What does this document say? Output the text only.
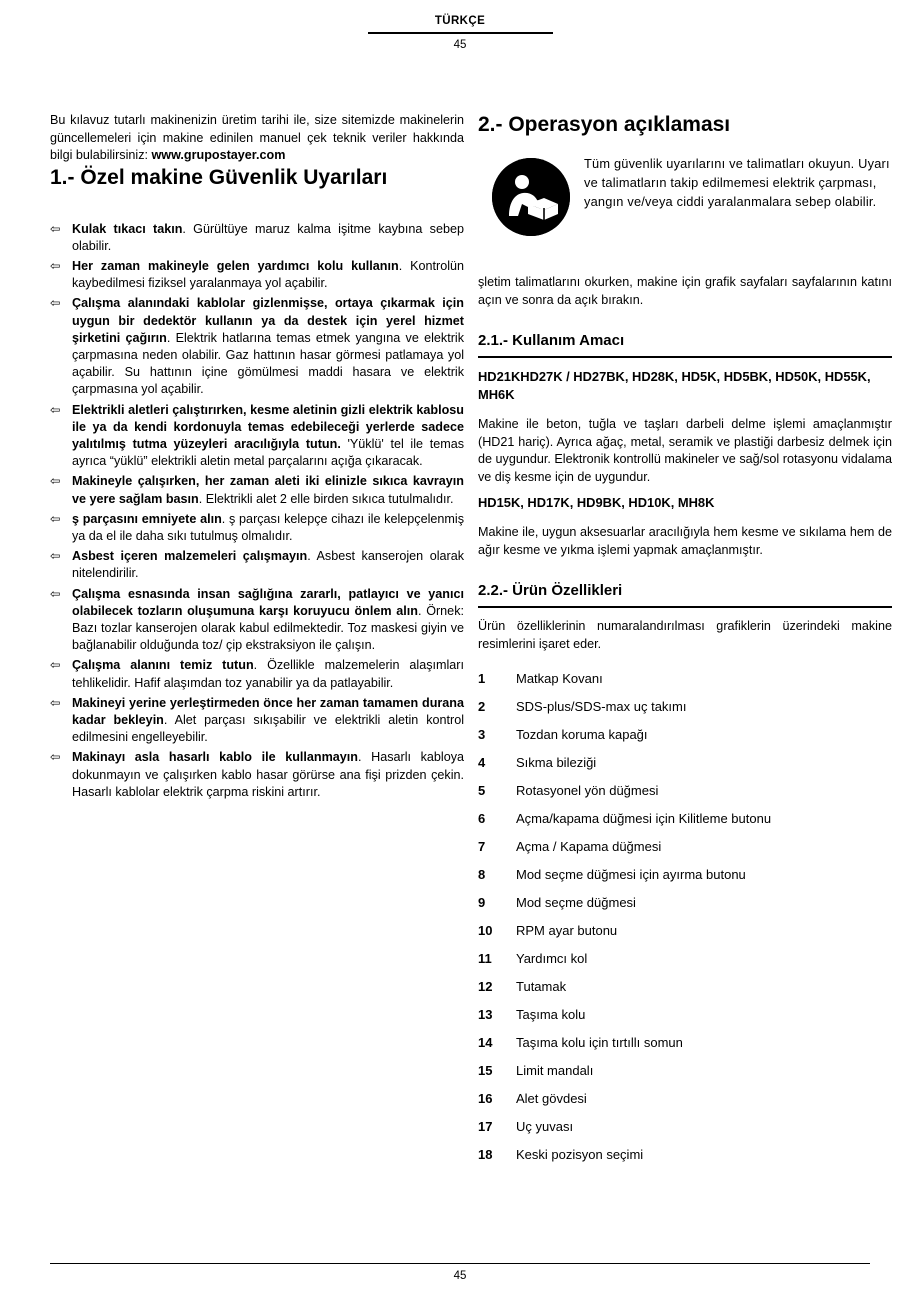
TÜRKÇE
45
Bu kılavuz tutarlı makinenizin üretim tarihi ile, size sitemizde makinelerin güncellemeleri için makine edinilen manuel çek teknik veriler hakkında bilgi bulabilirsiniz: www.grupostayer.com
1.- Özel makine Güvenlik Uyarıları
⇦ Kulak tıkacı takın. Gürültüye maruz kalma işitme kaybına sebep olabilir.
⇦ Her zaman makineyle gelen yardımcı kolu kullanın. Kontrolün kaybedilmesi fiziksel yaralanmaya yol açabilir.
⇦ Çalışma alanındaki kablolar gizlenmişse, ortaya çıkarmak için uygun bir dedektör kullanın ya da destek için yerel hizmet şirketini çağırın. Elektrik hatlarına temas etmek yangına ve elektrik çarpmasına neden olabilir. Gaz hattının hasar görmesi patlamaya yol açabilir. Su hattının içine gömülmesi maddi hasara ve elektrik çarpmasına yol açabilir.
⇦ Elektrikli aletleri çalıştırırken, kesme aletinin gizli elektrik kablosu ile ya da kendi kordonuyla temas edebileceği yerlerde sadece yalıtılmış tutma yüzeyleri aracılığıyla tutun. 'Yüklü' tel ile temas ayrıca “yüklü” elektrikli aletin metal parçalarını açığa çıkaracak.
⇦ Makineyle çalışırken, her zaman aleti iki elinizle sıkıca kavrayın ve yere sağlam basın. Elektrikli alet 2 elle birden sıkıca tutulmalıdır.
⇦ ş parçasını emniyete alın. ş parçası kelepçe cihazı ile kelepçelenmiş ya da el ile daha sıkı tutulmuş olmalıdır.
⇦ Asbest içeren malzemeleri çalışmayın. Asbest kanserojen olarak nitelendirilir.
⇦ Çalışma esnasında insan sağlığına zararlı, patlayıcı ve yanıcı olabilecek tozların oluşumuna karşı koruyucu önlem alın. Örnek: Bazı tozlar kanserojen olarak kabul edilmektedir. Toz maskesi giyin ve bağlanabilir olduğunda toz/ çip ekstraksiyon ile çalışın.
⇦ Çalışma alanını temiz tutun. Özellikle malzemelerin alaşımları tehlikelidir. Hafif alaşımdan toz yanabilir ya da patlayabilir.
⇦ Makineyi yerine yerleştirmeden önce her zaman tamamen durana kadar bekleyin. Alet parçası sıkışabilir ve elektrikli aletin kontrol edilmesini engelleyebilir.
⇦ Makinayı asla hasarlı kablo ile kullanmayın. Hasarlı kabloya dokunmayın ve çalışırken kablo hasar görürse ana fişi prizden çekin. Hasarlı kablolar elektrik çarpma riskini artırır.
2.- Operasyon açıklaması
Tüm güvenlik uyarılarını ve talimatları okuyun. Uyarı ve talimatların takip edilmemesi elektrik çarpması, yangın ve/veya ciddi yaralanmalara sebep olabilir.
şletim talimatlarını okurken, makine için grafik sayfaları sayfalarının katını açın ve sonra da açık bırakın.
2.1.- Kullanım Amacı
HD21KHD27K / HD27BK, HD28K, HD5K, HD5BK, HD50K, HD55K, MH6K
Makine ile beton, tuğla ve taşları darbeli delme işlemi amaçlanmıştır (HD21 hariç). Ayrıca ağaç, metal, seramik ve plastiği darbesiz delmek için de uygundur. Elektronik kontrollü makineler ve sağ/sol rotasyonu vidalama ve diş kesme için de uygundur.
HD15K, HD17K, HD9BK, HD10K, MH8K
Makine ile, uygun aksesuarlar aracılığıyla hem kesme ve sıkılama hem de ağır kesme ve yıkma işlemi yapmak amaçlanmıştır.
2.2.- Ürün Özellikleri
Ürün özelliklerinin numaralandırılması grafiklerin üzerindeki makine resimlerini işaret eder.
1 Matkap Kovanı
2 SDS-plus/SDS-max uç takımı
3 Tozdan koruma kapağı
4 Sıkma bileziği
5 Rotasyonel yön düğmesi
6 Açma/kapama düğmesi için Kilitleme butonu
7 Açma / Kapama düğmesi
8 Mod seçme düğmesi için ayırma butonu
9 Mod seçme düğmesi
10 RPM ayar butonu
11 Yardımcı kol
12 Tutamak
13 Taşıma kolu
14 Taşıma kolu için tırtıllı somun
15 Limit mandalı
16 Alet gövdesi
17 Uç yuvası
18 Keski pozisyon seçimi
45
